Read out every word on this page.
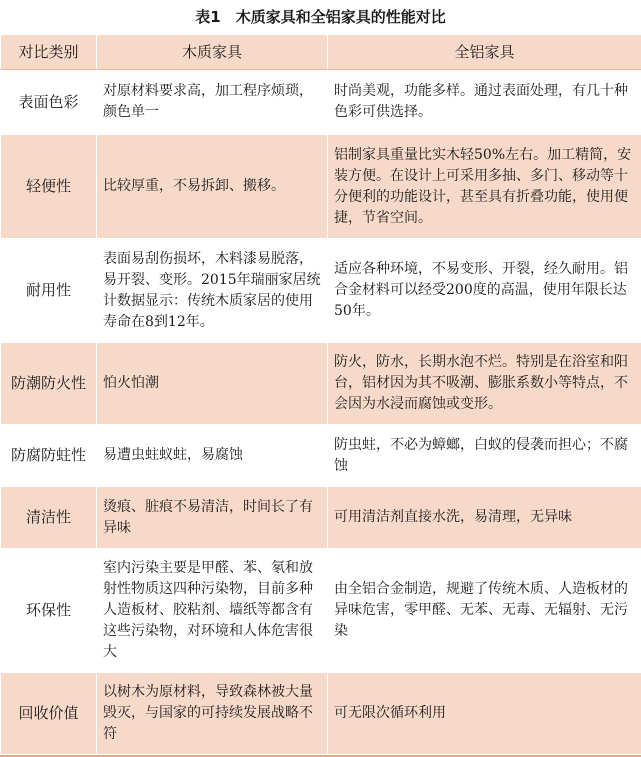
表1　木质家具和全铝家具的性能对比
对比类别	木质家具	全铝家具
表面色彩	对原材料要求高，加工程序烦琐，颜色单一	时尚美观，功能多样。通过表面处理，有几十种色彩可供选择。
轻便性	比较厚重，不易拆卸、搬移。	铝制家具重量比实木轻50%左右。加工精简，安装方便。在设计上可采用多抽、多门、移动等十分便利的功能设计，甚至具有折叠功能，使用便捷，节省空间。
耐用性	表面易刮伤损坏，木料漆易脱落，易开裂、变形。2015年瑞丽家居统计数据显示：传统木质家居的使用寿命在8到12年。	适应各种环境，不易变形、开裂，经久耐用。铝合金材料可以经受200度的高温，使用年限长达50年。
防潮防火性	怕火怕潮	防火，防水，长期水泡不烂。特别是在浴室和阳台，铝材因为其不吸潮、膨胀系数小等特点，不会因为水浸而腐蚀或变形。
防腐防蛀性	易遭虫蛀蚁蛀，易腐蚀	防虫蛀，不必为蟑螂，白蚁的侵袭而担心；不腐蚀
清洁性	烫痕、脏痕不易清洁，时间长了有异味	可用清洁剂直接水洗，易清理，无异味
环保性	室内污染主要是甲醛、苯、氡和放射性物质这四种污染物，目前多种人造板材、胶粘剂、墙纸等都含有这些污染物，对环境和人体危害很大	由全铝合金制造，规避了传统木质、人造板材的异味危害，零甲醛、无苯、无毒、无辐射、无污染
回收价值	以树木为原材料，导致森林被大量毁灭，与国家的可持续发展战略不符	可无限次循环利用
